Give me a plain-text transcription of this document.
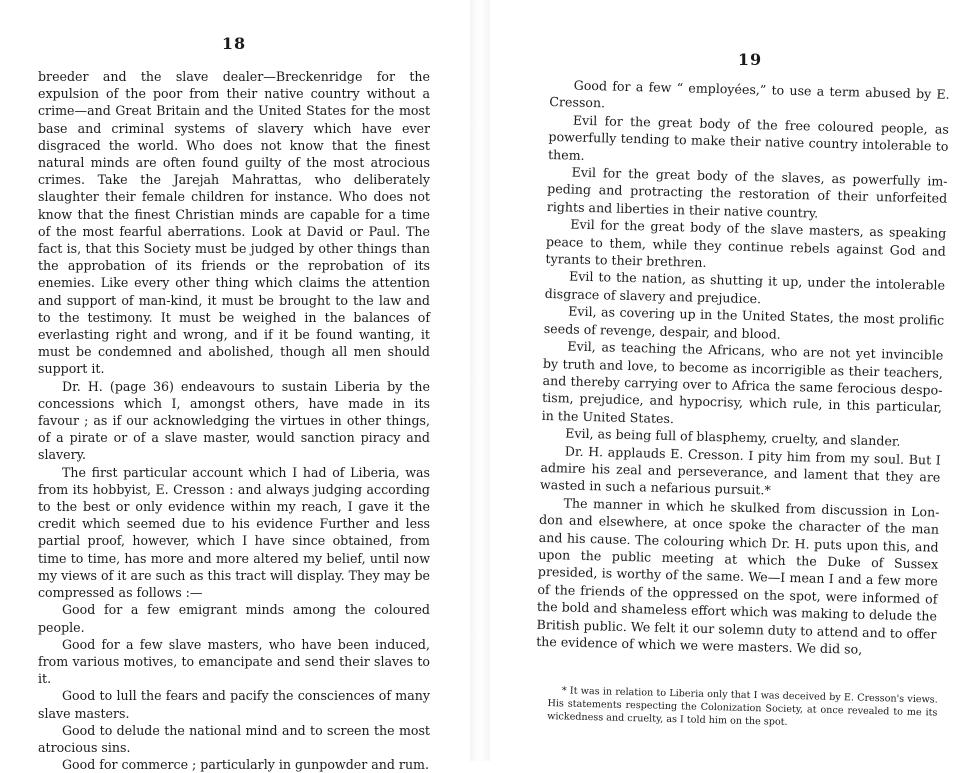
18

breeder and the slave dealer—Breckenridge for the expulsion of the poor from their native country without a crime—and Great Britain and the United States for the most base and criminal systems of slavery which have ever disgraced the world. Who does not know that the finest natural minds are often found guilty of the most atrocious crimes. Take the Jarejah Mahrattas, who deliberately slaughter their female children for instance. Who does not know that the finest Christian minds are capable for a time of the most fearful aberrations. Look at David or Paul. The fact is, that this Society must be judged by other things than the approbation of its friends or the reprobation of its enemies. Like every other thing which claims the attention and support of man-kind, it must be brought to the law and to the testimony. It must be weighed in the balances of everlasting right and wrong, and if it be found wanting, it must be condemned and abolished, though all men should support it.

Dr. H. (page 36) endeavours to sustain Liberia by the concessions which I, amongst others, have made in its favour ; as if our acknowledging the virtues in other things, of a pirate or of a slave master, would sanction piracy and slavery.

The first particular account which I had of Liberia, was from its hobbyist, E. Cresson : and always judging according to the best or only evidence within my reach, I gave it the credit which seemed due to his evidence Further and less partial proof, however, which I have since obtained, from time to time, has more and more altered my belief, until now my views of it are such as this tract will display. They may be compressed as follows :—

Good for a few emigrant minds among the coloured people.

Good for a few slave masters, who have been induced, from various motives, to emancipate and send their slaves to it.

Good to lull the fears and pacify the consciences of many slave masters.

Good to delude the national mind and to screen the most atrocious sins.

Good for commerce ; particularly in gunpowder and rum.

19

Good for a few “ employées,” to use a term abused by E. Cresson.

Evil for the great body of the free coloured people, as powerfully tending to make their native country intolerable to them.

Evil for the great body of the slaves, as powerfully im-peding and protracting the restoration of their unforfeited rights and liberties in their native country.

Evil for the great body of the slave masters, as speaking peace to them, while they continue rebels against God and tyrants to their brethren.

Evil to the nation, as shutting it up, under the intolerable disgrace of slavery and prejudice.

Evil, as covering up in the United States, the most prolific seeds of revenge, despair, and blood.

Evil, as teaching the Africans, who are not yet invincible by truth and love, to become as incorrigible as their teachers, and thereby carrying over to Africa the same ferocious despo-tism, prejudice, and hypocrisy, which rule, in this particular, in the United States.

Evil, as being full of blasphemy, cruelty, and slander.

Dr. H. applauds E. Cresson. I pity him from my soul. But I admire his zeal and perseverance, and lament that they are wasted in such a nefarious pursuit.*

The manner in which he skulked from discussion in Lon-don and elsewhere, at once spoke the character of the man and his cause. The colouring which Dr. H. puts upon this, and upon the public meeting at which the Duke of Sussex presided, is worthy of the same. We—I mean I and a few more of the friends of the oppressed on the spot, were informed of the bold and shameless effort which was making to delude the British public. We felt it our solemn duty to attend and to offer the evidence of which we were masters. We did so,

* It was in relation to Liberia only that I was deceived by E. Cresson's views. His statements respecting the Colonization Society, at once revealed to me its wickedness and cruelty, as I told him on the spot.
